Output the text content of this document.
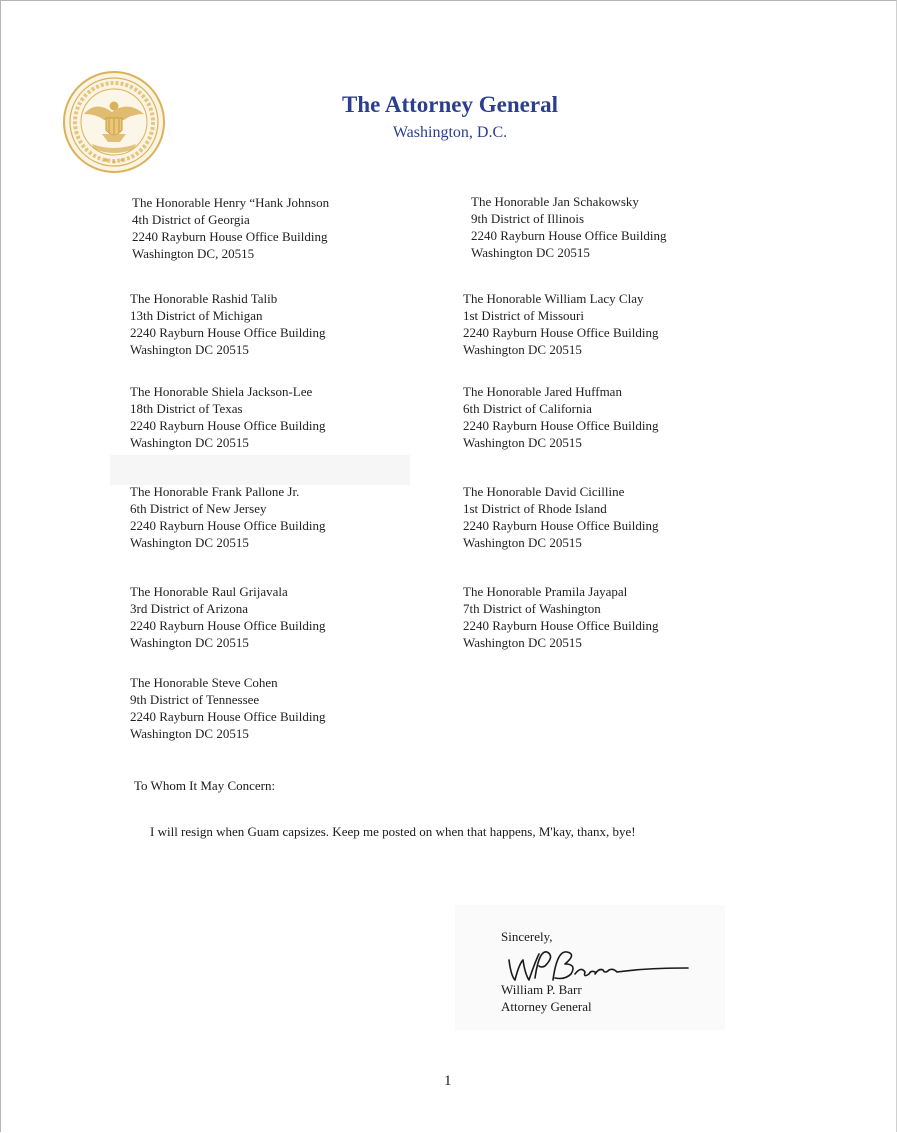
The Attorney General
Washington, D.C.
The Honorable Henry “Hank Johnson
4th District of Georgia
2240 Rayburn House Office Building
Washington DC, 20515
The Honorable Jan Schakowsky
9th District of Illinois
2240 Rayburn House Office Building
Washington DC 20515
The Honorable Rashid Talib
13th District of Michigan
2240 Rayburn House Office Building
Washington DC 20515
The Honorable William Lacy Clay
1st District of Missouri
2240 Rayburn House Office Building
Washington DC 20515
The Honorable Shiela Jackson-Lee
18th District of Texas
2240 Rayburn House Office Building
Washington DC 20515
The Honorable Jared Huffman
6th District of California
2240 Rayburn House Office Building
Washington DC 20515
The Honorable Frank Pallone Jr.
6th District of New Jersey
2240 Rayburn House Office Building
Washington DC 20515
The Honorable David Cicilline
1st District of Rhode Island
2240 Rayburn House Office Building
Washington DC 20515
The Honorable Raul Grijavala
3rd District of Arizona
2240 Rayburn House Office Building
Washington DC 20515
The Honorable Pramila Jayapal
7th District of Washington
2240 Rayburn House Office Building
Washington DC 20515
The Honorable Steve Cohen
9th District of Tennessee
2240 Rayburn House Office Building
Washington DC 20515
To Whom It May Concern:
I will resign when Guam capsizes. Keep me posted on when that happens, M'kay, thanx, bye!
Sincerely,
William P. Barr
Attorney General
1
